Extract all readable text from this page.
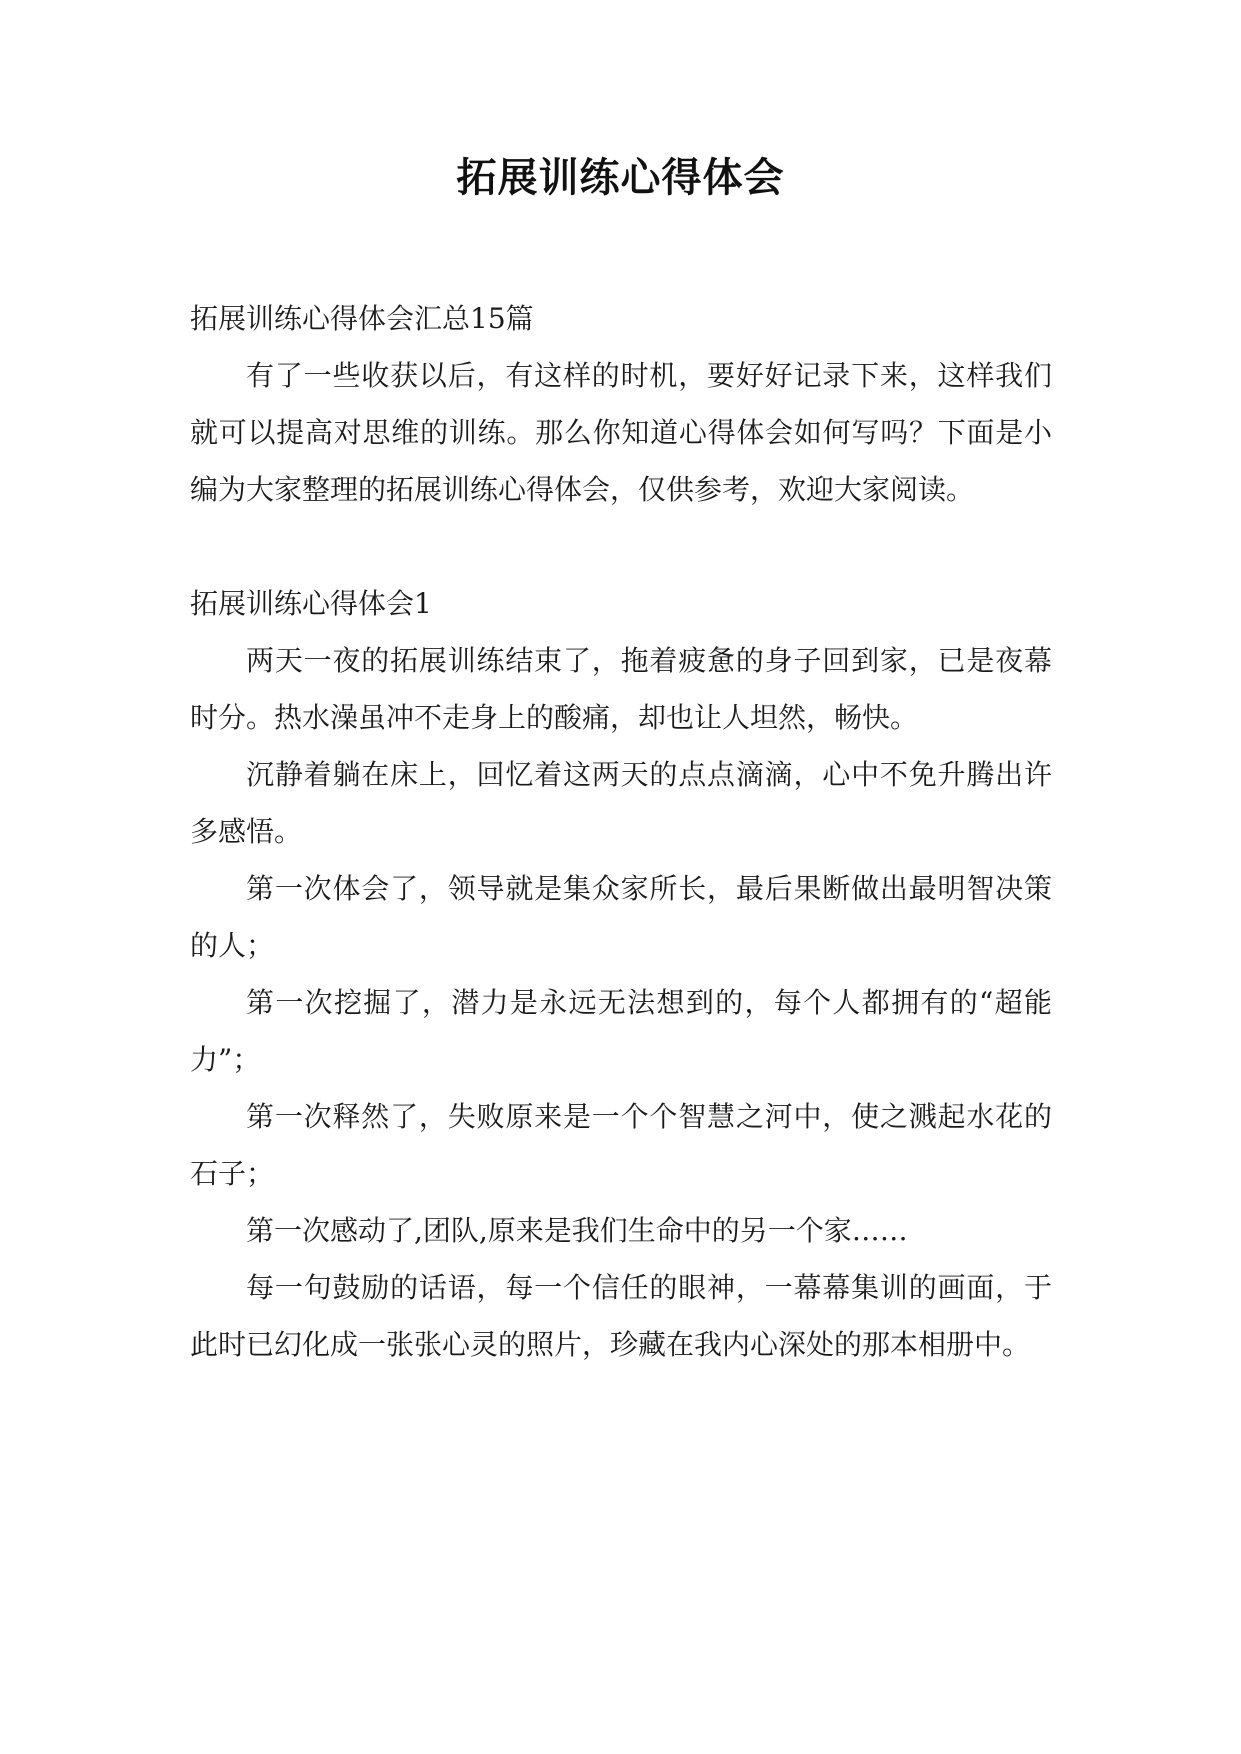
拓展训练心得体会

拓展训练心得体会汇总15篇

有了一些收获以后，有这样的时机，要好好记录下来，这样我们就可以提高对思维的训练。那么你知道心得体会如何写吗？下面是小编为大家整理的拓展训练心得体会，仅供参考，欢迎大家阅读。

拓展训练心得体会1

两天一夜的拓展训练结束了，拖着疲惫的身子回到家，已是夜幕时分。热水澡虽冲不走身上的酸痛，却也让人坦然，畅快。

沉静着躺在床上，回忆着这两天的点点滴滴，心中不免升腾出许多感悟。

第一次体会了，领导就是集众家所长，最后果断做出最明智决策的人；

第一次挖掘了，潜力是永远无法想到的，每个人都拥有的“超能力”；

第一次释然了，失败原来是一个个智慧之河中，使之溅起水花的石子；

第一次感动了,团队,原来是我们生命中的另一个家……

每一句鼓励的话语，每一个信任的眼神，一幕幕集训的画面，于此时已幻化成一张张心灵的照片，珍藏在我内心深处的那本相册中。
